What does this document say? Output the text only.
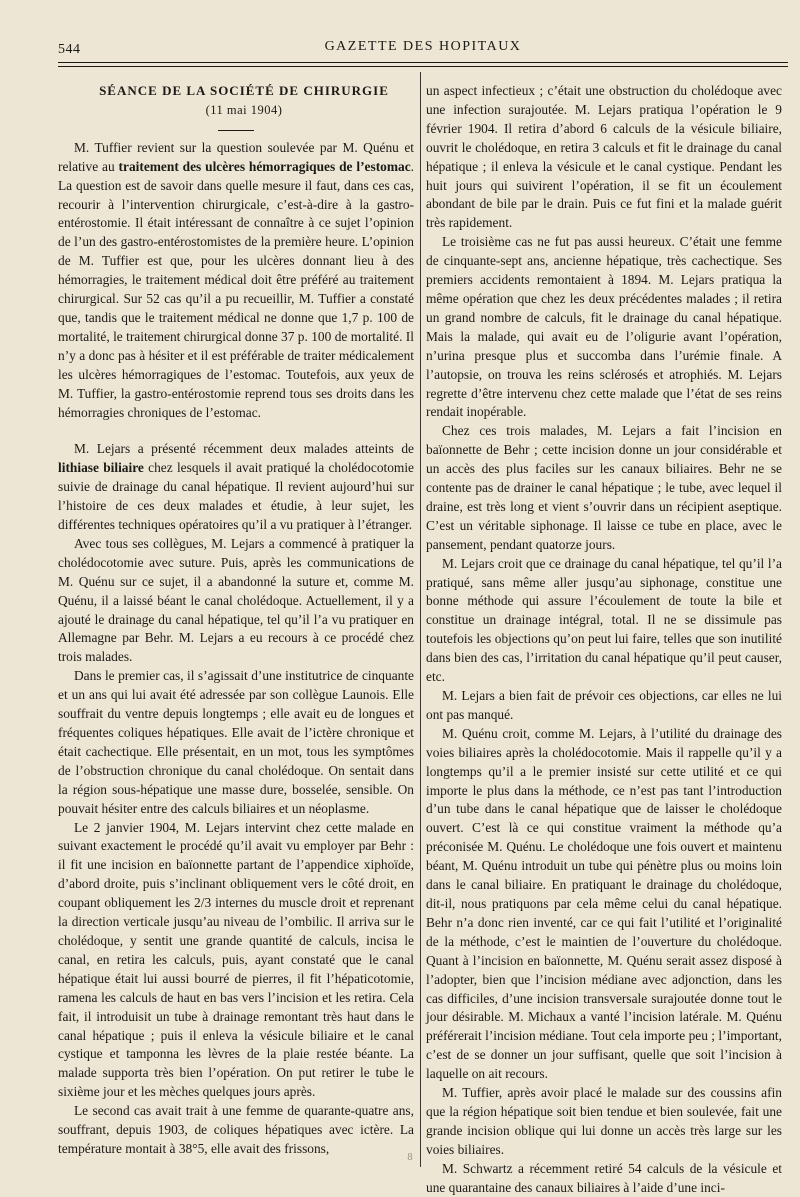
544	GAZETTE DES HOPITAUX

SÉANCE DE LA SOCIÉTÉ DE CHIRURGIE

(11 mai 1904)

M. Tuffier revient sur la question soulevée par M. Quénu et relative au traitement des ulcères hémorragiques de l’estomac. La question est de savoir dans quelle mesure il faut, dans ces cas, recourir à l’intervention chirurgicale, c’est-à-dire à la gastro-entérostomie. Il était intéressant de connaître à ce sujet l’opinion de l’un des gastro-entérostomistes de la première heure. L’opinion de M. Tuffier est que, pour les ulcères donnant lieu à des hémorragies, le traitement médical doit être préféré au traitement chirurgical. Sur 52 cas qu’il a pu recueillir, M. Tuffier a constaté que, tandis que le traitement médical ne donne que 1,7 p. 100 de mortalité, le traitement chirurgical donne 37 p. 100 de mortalité. Il n’y a donc pas à hésiter et il est préférable de traiter médicalement les ulcères hémorragiques de l’estomac. Toutefois, aux yeux de M. Tuffier, la gastro-entérostomie reprend tous ses droits dans les hémorragies chroniques de l’estomac.

M. Lejars a présenté récemment deux malades atteints de lithiase biliaire chez lesquels il avait pratiqué la cholédocotomie suivie de drainage du canal hépatique. Il revient aujourd’hui sur l’histoire de ces deux malades et étudie, à leur sujet, les différentes techniques opératoires qu’il a vu pratiquer à l’étranger.

Avec tous ses collègues, M. Lejars a commencé à pratiquer la cholédocotomie avec suture. Puis, après les communications de M. Quénu sur ce sujet, il a abandonné la suture et, comme M. Quénu, il a laissé béant le canal cholédoque. Actuellement, il y a ajouté le drainage du canal hépatique, tel qu’il l’a vu pratiquer en Allemagne par Behr. M. Lejars a eu recours à ce procédé chez trois malades.

Dans le premier cas, il s’agissait d’une institutrice de cinquante et un ans qui lui avait été adressée par son collègue Launois. Elle souffrait du ventre depuis longtemps ; elle avait eu de longues et fréquentes coliques hépatiques. Elle avait de l’ictère chronique et était cachectique. Elle présentait, en un mot, tous les symptômes de l’obstruction chronique du canal cholédoque. On sentait dans la région sous-hépatique une masse dure, bosselée, sensible. On pouvait hésiter entre des calculs biliaires et un néoplasme.

Le 2 janvier 1904, M. Lejars intervint chez cette malade en suivant exactement le procédé qu’il avait vu employer par Behr : il fit une incision en baïonnette partant de l’appendice xiphoïde, d’abord droite, puis s’inclinant obliquement vers le côté droit, en coupant obliquement les 2/3 internes du muscle droit et reprenant la direction verticale jusqu’au niveau de l’ombilic. Il arriva sur le cholédoque, y sentit une grande quantité de calculs, incisa le canal, en retira les calculs, puis, ayant constaté que le canal hépatique était lui aussi bourré de pierres, il fit l’hépaticotomie, ramena les calculs de haut en bas vers l’incision et les retira. Cela fait, il introduisit un tube à drainage remontant très haut dans le canal hépatique ; puis il enleva la vésicule biliaire et le canal cystique et tamponna les lèvres de la plaie restée béante. La malade supporta très bien l’opération. On put retirer le tube le sixième jour et les mèches quelques jours après.

Le second cas avait trait à une femme de quarante-quatre ans, souffrant, depuis 1903, de coliques hépatiques avec ictère. La température montait à 38°5, elle avait des frissons,

un aspect infectieux ; c’était une obstruction du cholédoque avec une infection surajoutée. M. Lejars pratiqua l’opération le 9 février 1904. Il retira d’abord 6 calculs de la vésicule biliaire, ouvrit le cholédoque, en retira 3 calculs et fit le drainage du canal hépatique ; il enleva la vésicule et le canal cystique. Pendant les huit jours qui suivirent l’opération, il se fit un écoulement abondant de bile par le drain. Puis ce fut fini et la malade guérit très rapidement.

Le troisième cas ne fut pas aussi heureux. C’était une femme de cinquante-sept ans, ancienne hépatique, très cachectique. Ses premiers accidents remontaient à 1894. M. Lejars pratiqua la même opération que chez les deux précédentes malades ; il retira un grand nombre de calculs, fit le drainage du canal hépatique. Mais la malade, qui avait eu de l’oligurie avant l’opération, n’urina presque plus et succomba dans l’urémie finale. A l’autopsie, on trouva les reins sclérosés et atrophiés. M. Lejars regrette d’être intervenu chez cette malade que l’état de ses reins rendait inopérable.

Chez ces trois malades, M. Lejars a fait l’incision en baïonnette de Behr ; cette incision donne un jour considérable et un accès des plus faciles sur les canaux biliaires. Behr ne se contente pas de drainer le canal hépatique ; le tube, avec lequel il draine, est très long et vient s’ouvrir dans un récipient aseptique. C’est un véritable siphonage. Il laisse ce tube en place, avec le pansement, pendant quatorze jours.

M. Lejars croit que ce drainage du canal hépatique, tel qu’il l’a pratiqué, sans même aller jusqu’au siphonage, constitue une bonne méthode qui assure l’écoulement de toute la bile et constitue un drainage intégral, total. Il ne se dissimule pas toutefois les objections qu’on peut lui faire, telles que son inutilité dans bien des cas, l’irritation du canal hépatique qu’il peut causer, etc.

M. Lejars a bien fait de prévoir ces objections, car elles ne lui ont pas manqué.

M. Quénu croit, comme M. Lejars, à l’utilité du drainage des voies biliaires après la cholédocotomie. Mais il rappelle qu’il y a longtemps qu’il a le premier insisté sur cette utilité et ce qui importe le plus dans la méthode, ce n’est pas tant l’introduction d’un tube dans le canal hépatique que de laisser le cholédoque ouvert. C’est là ce qui constitue vraiment la méthode qu’a préconisée M. Quénu. Le cholédoque une fois ouvert et maintenu béant, M. Quénu introduit un tube qui pénètre plus ou moins loin dans le canal biliaire. En pratiquant le drainage du cholédoque, dit-il, nous pratiquons par cela même celui du canal hépatique. Behr n’a donc rien inventé, car ce qui fait l’utilité et l’originalité de la méthode, c’est le maintien de l’ouverture du cholédoque. Quant à l’incision en baïonnette, M. Quénu serait assez disposé à l’adopter, bien que l’incision médiane avec adjonction, dans les cas difficiles, d’une incision transversale surajoutée donne tout le jour désirable. M. Michaux a vanté l’incision latérale. M. Quénu préférerait l’incision médiane. Tout cela importe peu ; l’important, c’est de se donner un jour suffisant, quelle que soit l’incision à laquelle on ait recours.

M. Tuffier, après avoir placé le malade sur des coussins afin que la région hépatique soit bien tendue et bien soulevée, fait une grande incision oblique qui lui donne un accès très large sur les voies biliaires.

M. Schwartz a récemment retiré 54 calculs de la vésicule et une quarantaine des canaux biliaires à l’aide d’une inci-

8
